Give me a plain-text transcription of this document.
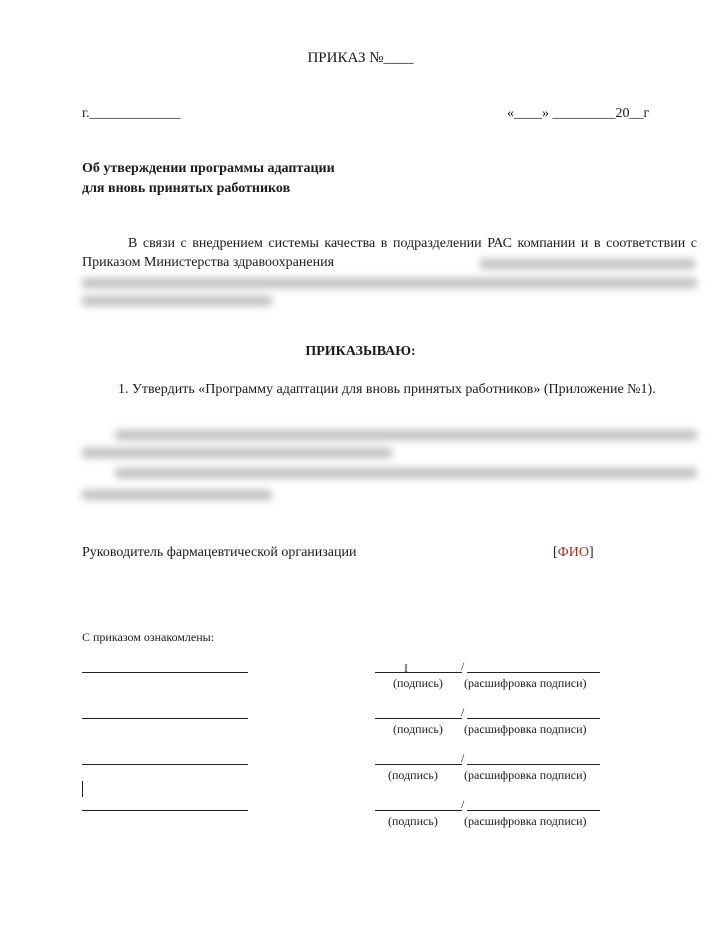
ПРИКАЗ №____
г._____________	«____» _________20__г
Об утверждении программы адаптации
для вновь принятых работников
В связи с внедрением системы качества в подразделении РАС компании и в соответствии с Приказом Министерства здравоохранения
ПРИКАЗЫВАЮ:
1. Утвердить «Программу адаптации для вновь принятых работников» (Приложение №1).
Руководитель фармацевтической организации	[ФИО]
С приказом ознакомлены:
/
(подпись) (расшифровка подписи)
/
(подпись) (расшифровка подписи)
/
(подпись) (расшифровка подписи)
/
(подпись) (расшифровка подписи)
I
